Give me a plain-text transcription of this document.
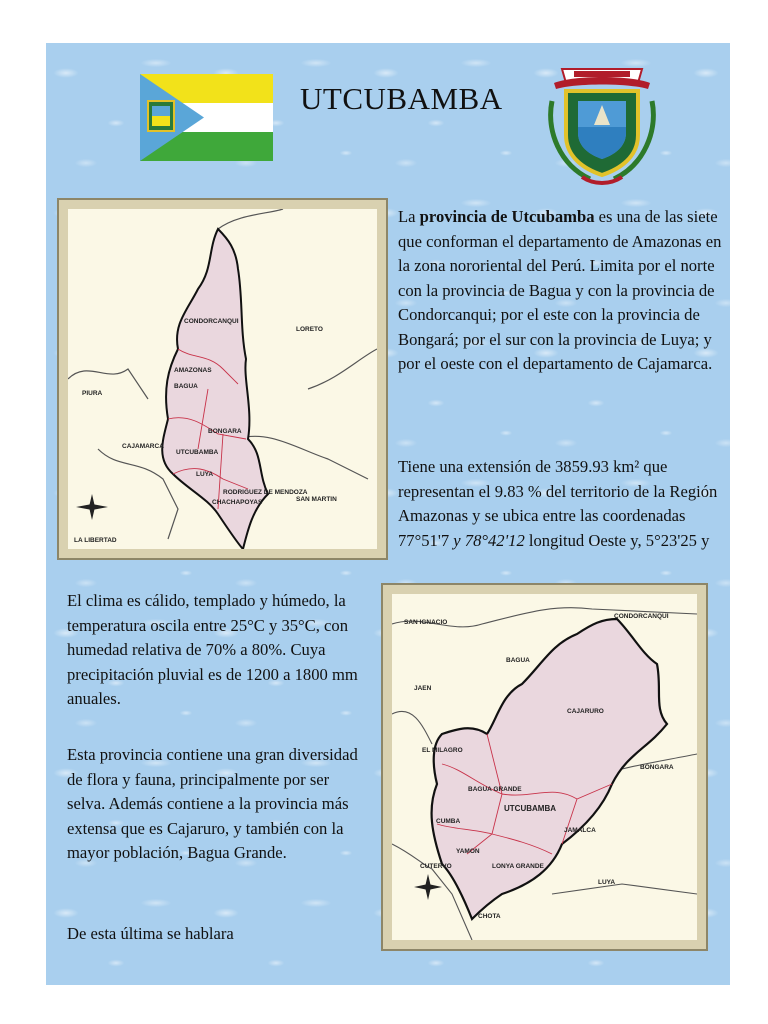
UTCUBAMBA
CONDORCANQUI
LORETO
AMAZONAS
BAGUA
PIURA
BONGARA
CAJAMARCA
UTCUBAMBA
LUYA
RODRIGUEZ DE MENDOZA
CHACHAPOYAS	SAN MARTIN
LA LIBERTAD

La provincia de Utcubamba es una de las siete que conforman el departamento de Amazonas en la zona nororiental del Perú. Limita por el norte con la provincia de Bagua y con la provincia de Condorcanqui; por el este con la provincia de Bongará; por el sur con la provincia de Luya; y por el oeste con el departamento de Cajamarca.

Tiene una extensión de 3859.93 km² que representan el 9.83 % del territorio de la Región Amazonas y se ubica entre las coordenadas 77°51'7 y 78°42'12 longitud Oeste y, 5°23'25 y

El clima es cálido, templado y húmedo, la temperatura oscila entre 25°C y 35°C, con humedad relativa de 70% a 80%. Cuya precipitación pluvial es de 1200 a 1800 mm anuales.

Esta provincia contiene una gran diversidad de flora y fauna, principalmente por ser selva. Además contiene a la provincia más extensa que es Cajaruro, y también con la mayor población, Bagua Grande.

De esta última se hablara

SAN IGNACIO
CONDORCANQUI
BAGUA
JAEN
CAJARURO
EL MILAGRO
BONGARA
BAGUA GRANDE
UTCUBAMBA
CUMBA
JAMALCA
YAMON
CUTERVO	LONYA GRANDE
LUYA
CHOTA
